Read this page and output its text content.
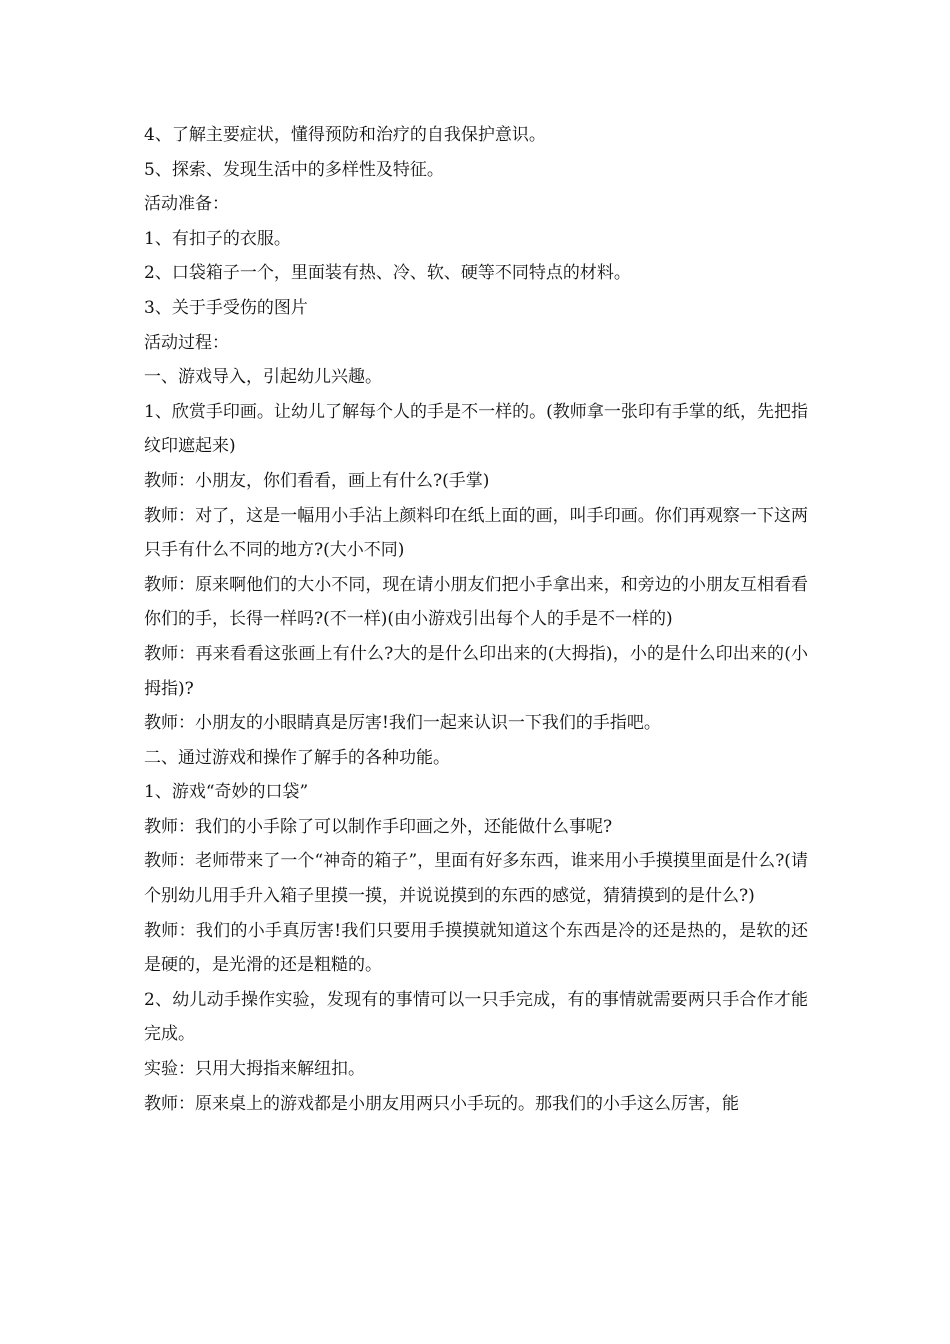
4、了解主要症状，懂得预防和治疗的自我保护意识。

5、探索、发现生活中的多样性及特征。

活动准备：

1、有扣子的衣服。

2、口袋箱子一个，里面装有热、冷、软、硬等不同特点的材料。

3、关于手受伤的图片

活动过程：

一、游戏导入，引起幼儿兴趣。

1、欣赏手印画。让幼儿了解每个人的手是不一样的。(教师拿一张印有手掌的纸，先把指纹印遮起来)

教师：小朋友，你们看看，画上有什么?(手掌)

教师：对了，这是一幅用小手沾上颜料印在纸上面的画，叫手印画。你们再观察一下这两只手有什么不同的地方?(大小不同)

教师：原来啊他们的大小不同，现在请小朋友们把小手拿出来，和旁边的小朋友互相看看你们的手，长得一样吗?(不一样)(由小游戏引出每个人的手是不一样的)

教师：再来看看这张画上有什么?大的是什么印出来的(大拇指)，小的是什么印出来的(小拇指)?

教师：小朋友的小眼睛真是厉害!我们一起来认识一下我们的手指吧。

二、通过游戏和操作了解手的各种功能。

1、游戏“奇妙的口袋”

教师：我们的小手除了可以制作手印画之外，还能做什么事呢?

教师：老师带来了一个“神奇的箱子”，里面有好多东西，谁来用小手摸摸里面是什么?(请个别幼儿用手升入箱子里摸一摸，并说说摸到的东西的感觉，猜猜摸到的是什么?)

教师：我们的小手真厉害!我们只要用手摸摸就知道这个东西是冷的还是热的，是软的还是硬的，是光滑的还是粗糙的。

2、幼儿动手操作实验，发现有的事情可以一只手完成，有的事情就需要两只手合作才能完成。

实验：只用大拇指来解纽扣。

教师：原来桌上的游戏都是小朋友用两只小手玩的。那我们的小手这么厉害，能
